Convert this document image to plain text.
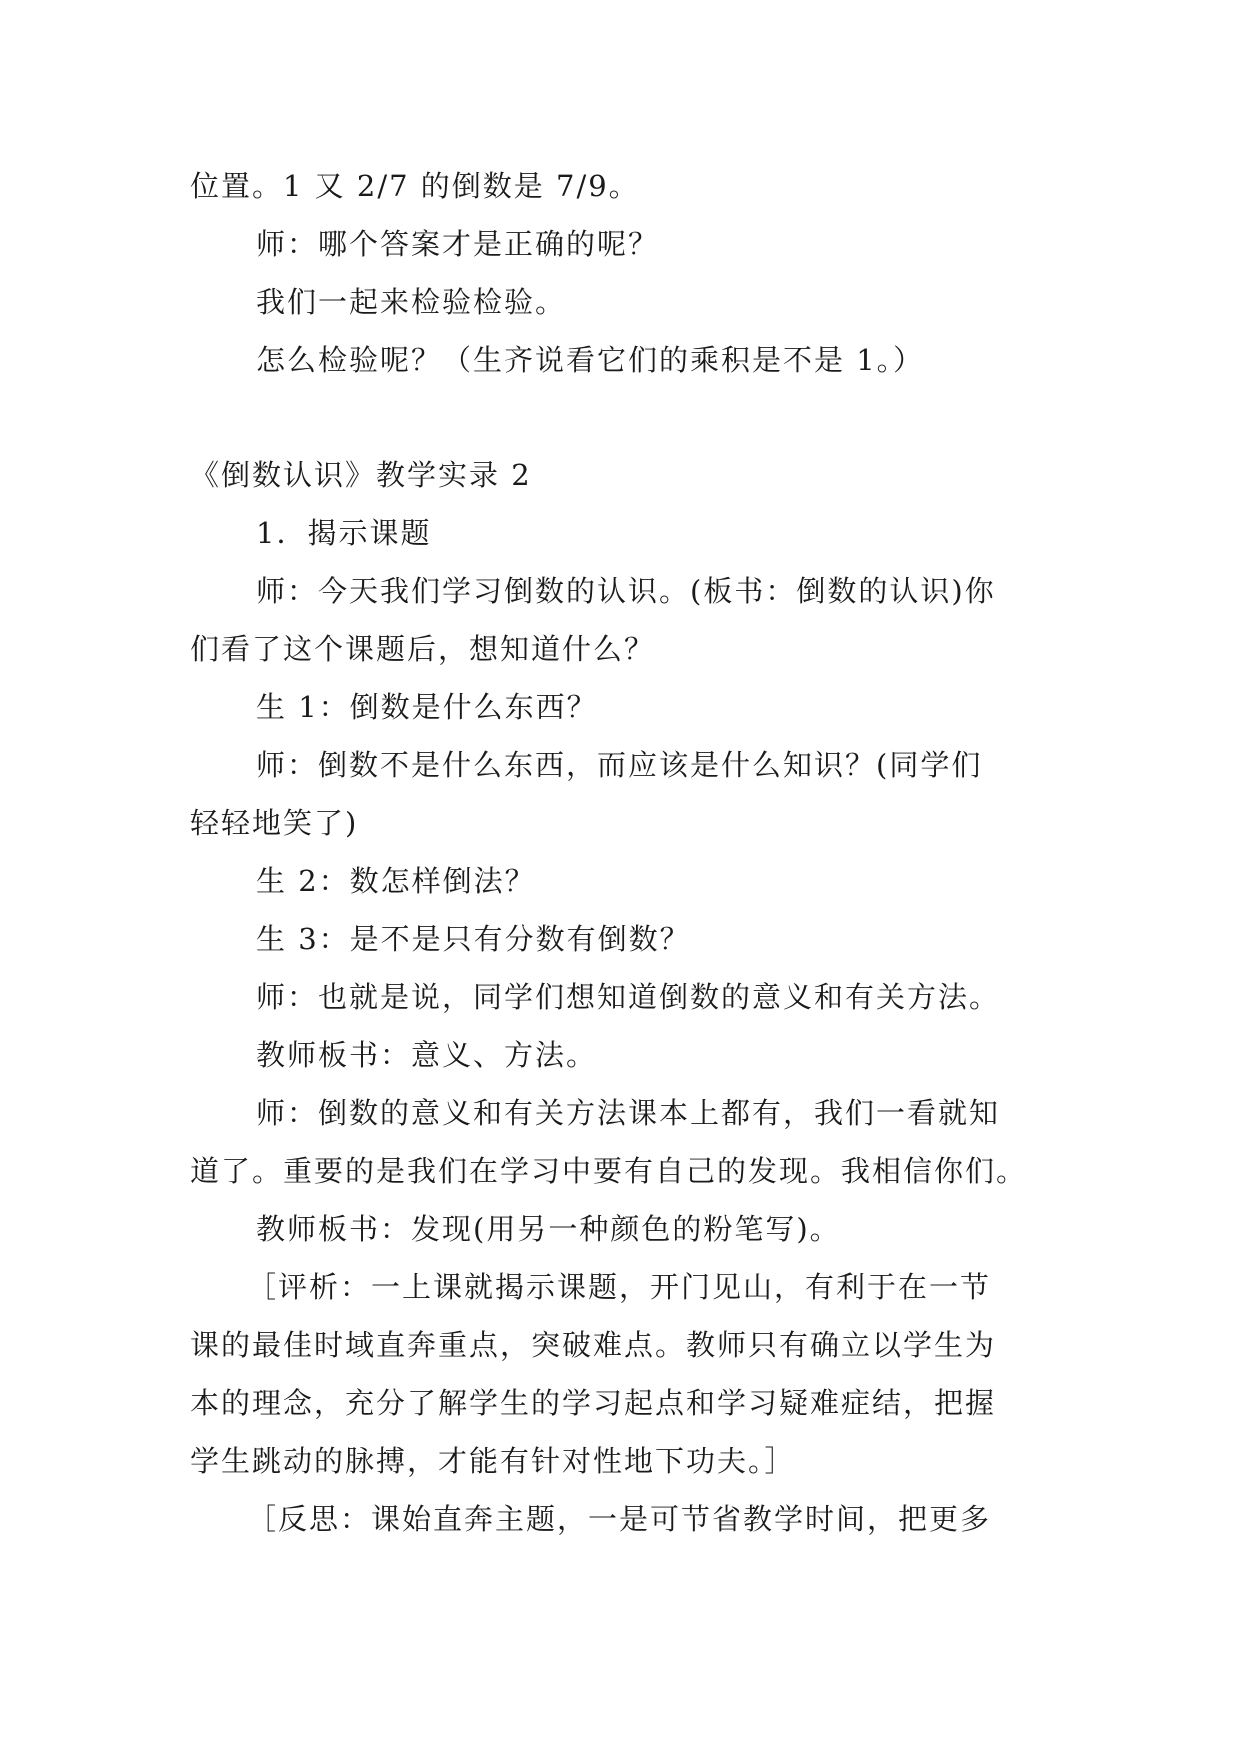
位置。1 又 2/7 的倒数是 7/9。
师：哪个答案才是正确的呢？
我们一起来检验检验。
怎么检验呢？（生齐说看它们的乘积是不是 1。）
《倒数认识》教学实录 2
1．揭示课题
师：今天我们学习倒数的认识。(板书：倒数的认识)你
们看了这个课题后，想知道什么？
生 1：倒数是什么东西？
师：倒数不是什么东西，而应该是什么知识？(同学们
轻轻地笑了)
生 2：数怎样倒法？
生 3：是不是只有分数有倒数？
师：也就是说，同学们想知道倒数的意义和有关方法。
教师板书：意义、方法。
师：倒数的意义和有关方法课本上都有，我们一看就知
道了。重要的是我们在学习中要有自己的发现。我相信你们。
教师板书：发现(用另一种颜色的粉笔写)。
［评析：一上课就揭示课题，开门见山，有利于在一节
课的最佳时域直奔重点，突破难点。教师只有确立以学生为
本的理念，充分了解学生的学习起点和学习疑难症结，把握
学生跳动的脉搏，才能有针对性地下功夫。］
［反思：课始直奔主题，一是可节省教学时间，把更多
